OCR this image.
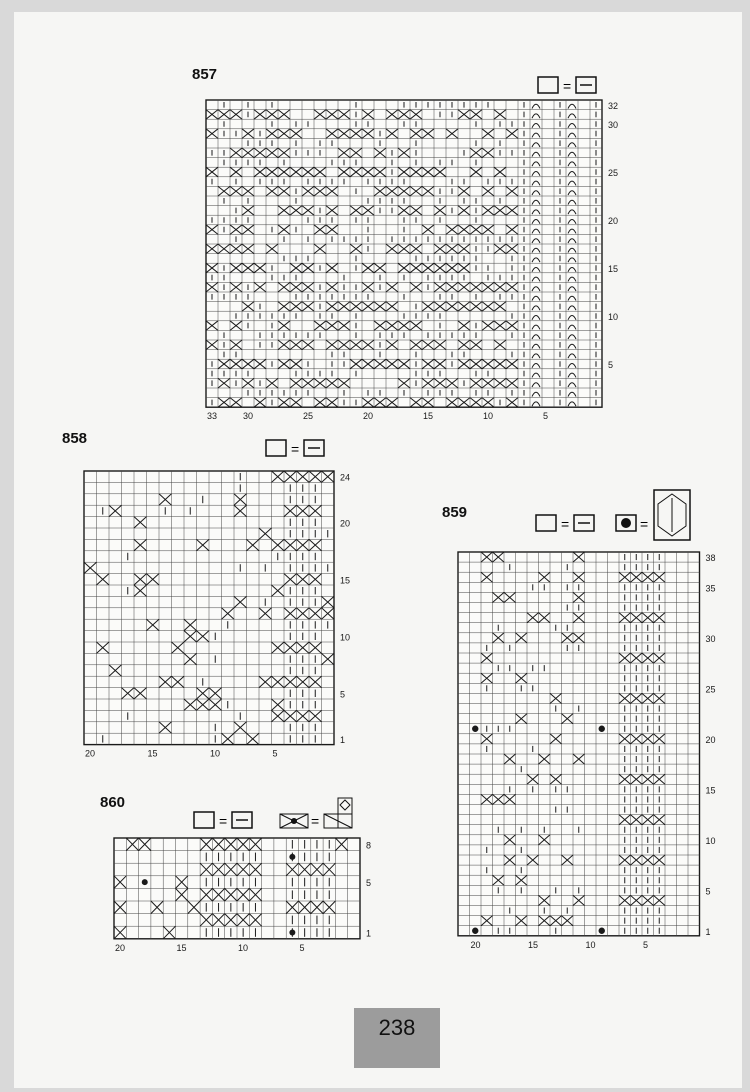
857
=
32
30
25
20
15
10
5
33	30	25	20	15	10	5
858
=
24
20
15
10
5
1
20	15	10	5
859
=	=
38
35
30
25
20
15
10
5
1
20	15	10	5
860
=	=
8
5
1
20	15	10	5
238
